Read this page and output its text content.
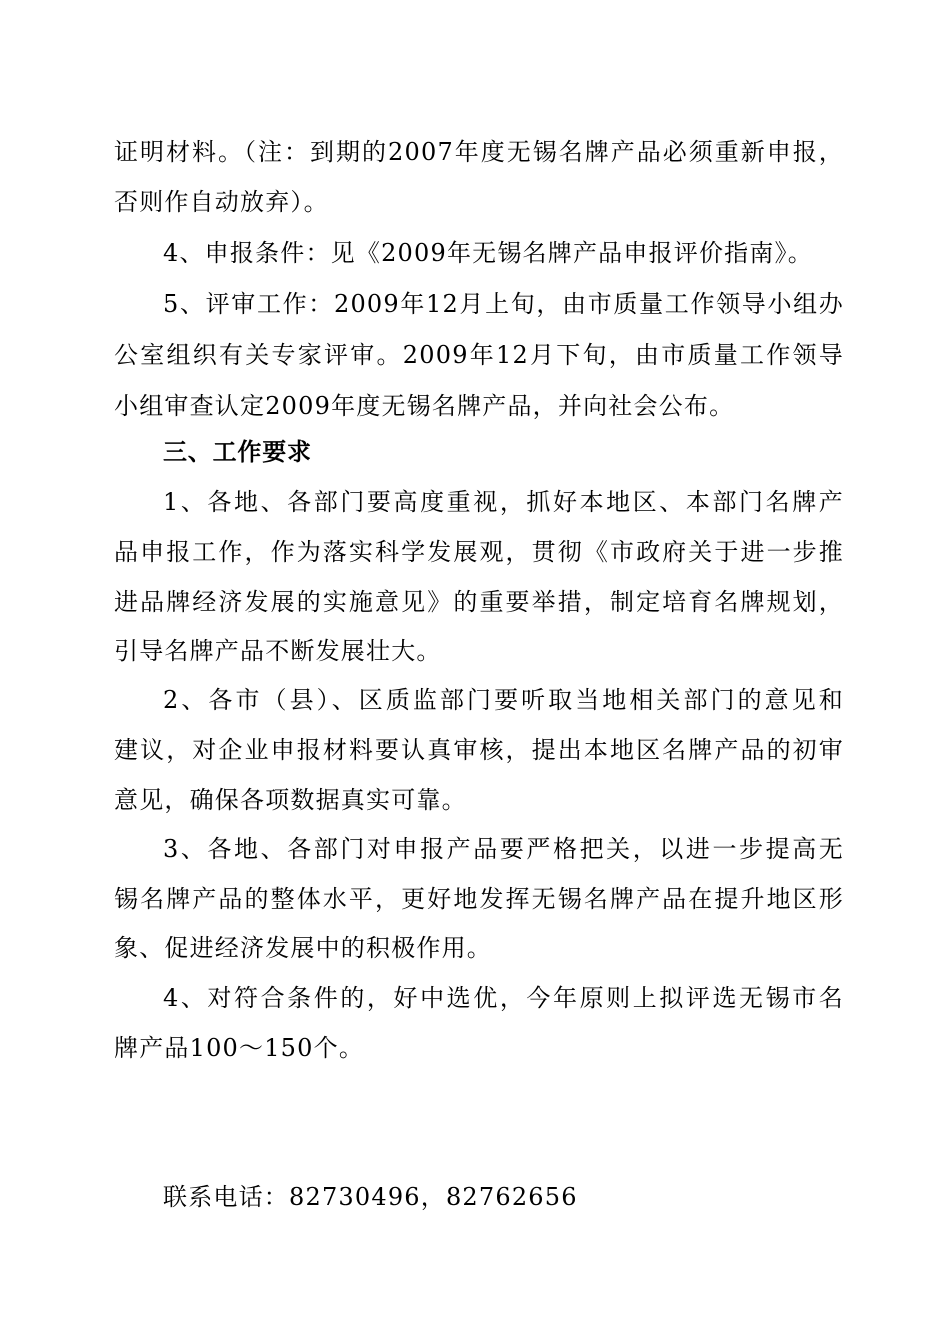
证明材料。（注：到期的2007年度无锡名牌产品必须重新申报，
否则作自动放弃）。
4、申报条件：见《2009年无锡名牌产品申报评价指南》。
5、评审工作：2009年12月上旬，由市质量工作领导小组办
公室组织有关专家评审。2009年12月下旬，由市质量工作领导
小组审查认定2009年度无锡名牌产品，并向社会公布。
三、工作要求
1、各地、各部门要高度重视，抓好本地区、本部门名牌产
品申报工作，作为落实科学发展观，贯彻《市政府关于进一步推
进品牌经济发展的实施意见》的重要举措，制定培育名牌规划，
引导名牌产品不断发展壮大。
2、各市（县）、区质监部门要听取当地相关部门的意见和
建议，对企业申报材料要认真审核，提出本地区名牌产品的初审
意见，确保各项数据真实可靠。
3、各地、各部门对申报产品要严格把关，以进一步提高无
锡名牌产品的整体水平，更好地发挥无锡名牌产品在提升地区形
象、促进经济发展中的积极作用。
4、对符合条件的，好中选优，今年原则上拟评选无锡市名
牌产品100～150个。
联系电话：82730496，82762656
